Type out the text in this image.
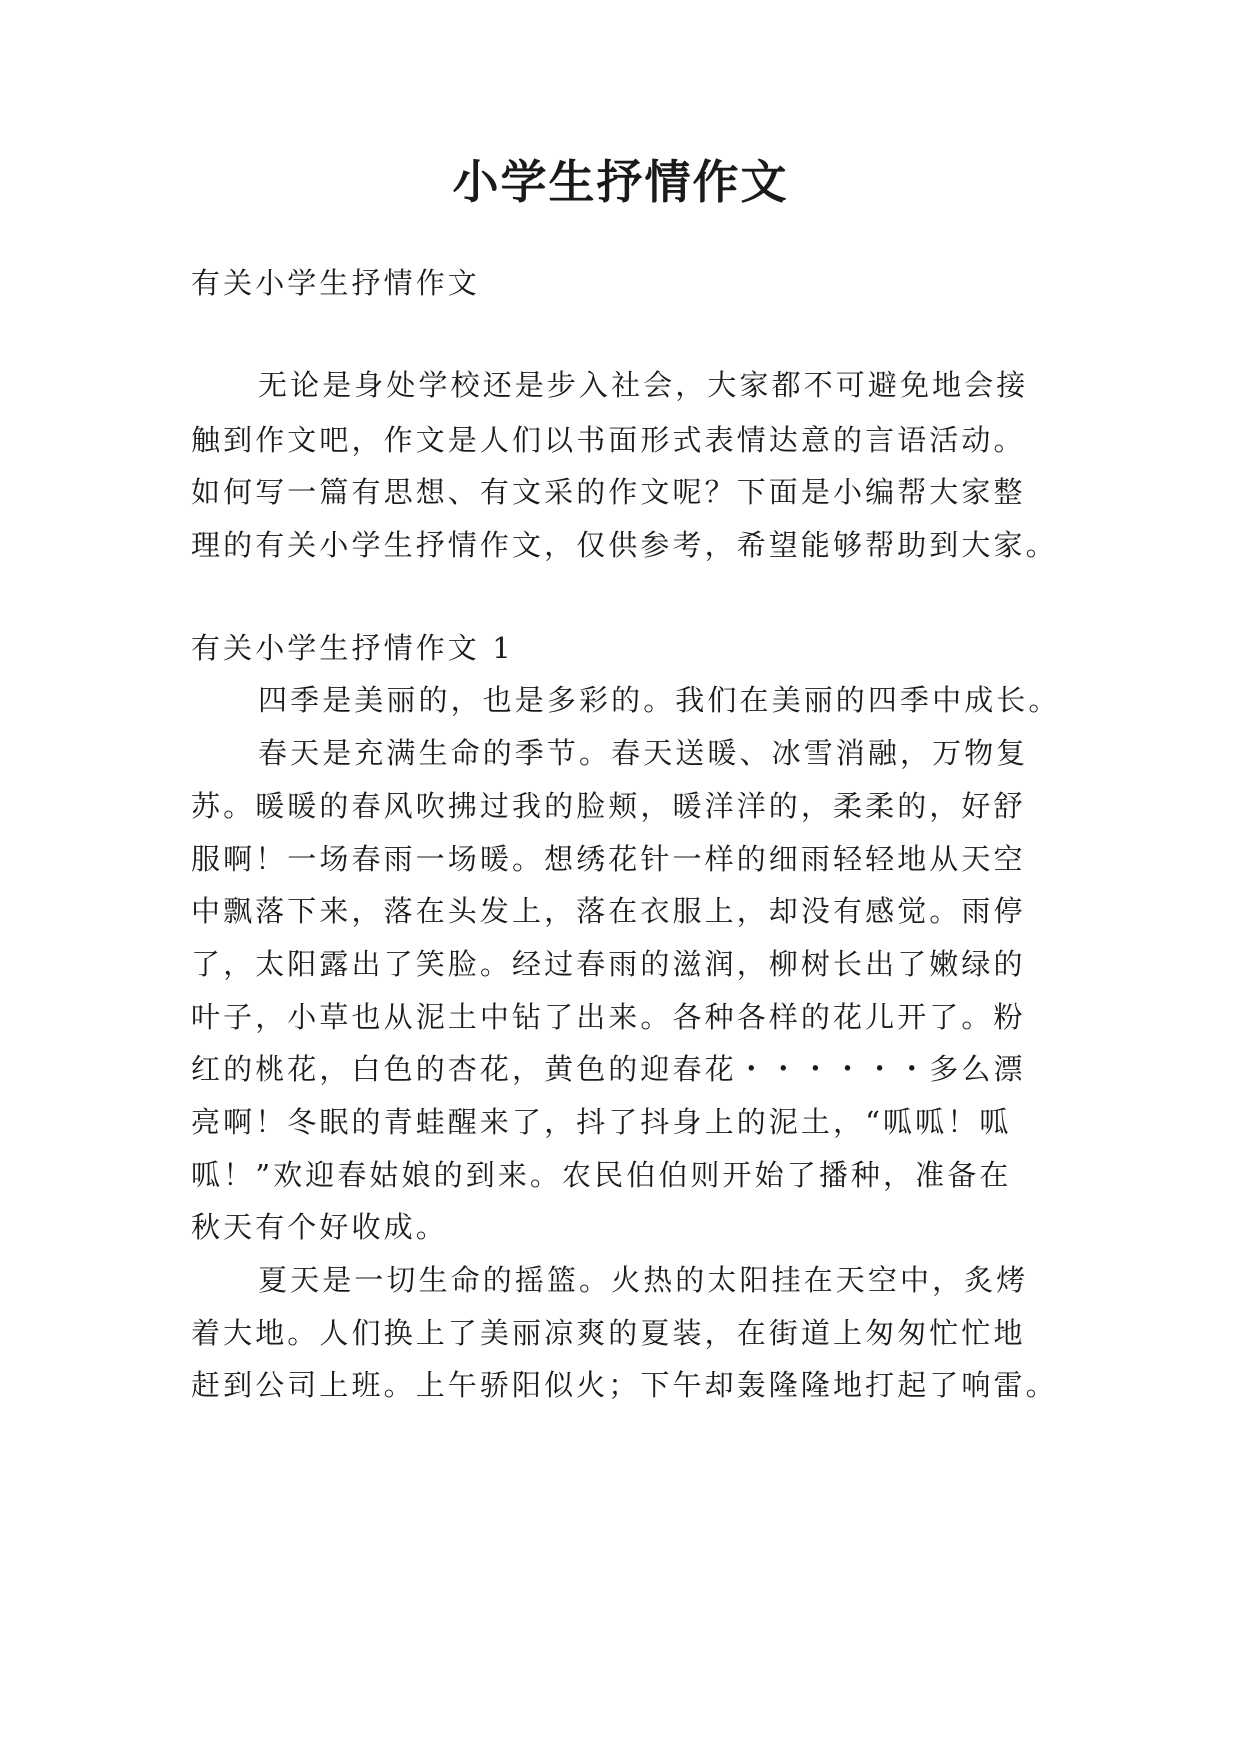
小学生抒情作文

有关小学生抒情作文

无论是身处学校还是步入社会，大家都不可避免地会接

触到作文吧，作文是人们以书面形式表情达意的言语活动。

如何写一篇有思想、有文采的作文呢？下面是小编帮大家整

理的有关小学生抒情作文，仅供参考，希望能够帮助到大家。

有关小学生抒情作文 1

四季是美丽的，也是多彩的。我们在美丽的四季中成长。

春天是充满生命的季节。春天送暖、冰雪消融，万物复

苏。暖暖的春风吹拂过我的脸颊，暖洋洋的，柔柔的，好舒

服啊！一场春雨一场暖。想绣花针一样的细雨轻轻地从天空

中飘落下来，落在头发上，落在衣服上，却没有感觉。雨停

了，太阳露出了笑脸。经过春雨的滋润，柳树长出了嫩绿的

叶子，小草也从泥土中钻了出来。各种各样的花儿开了。粉

红的桃花，白色的杏花，黄色的迎春花・・・・・・多么漂

亮啊！冬眠的青蛙醒来了，抖了抖身上的泥土，“呱呱！呱

呱！”欢迎春姑娘的到来。农民伯伯则开始了播种，准备在

秋天有个好收成。

夏天是一切生命的摇篮。火热的太阳挂在天空中，炙烤

着大地。人们换上了美丽凉爽的夏装，在街道上匆匆忙忙地

赶到公司上班。上午骄阳似火；下午却轰隆隆地打起了响雷。
